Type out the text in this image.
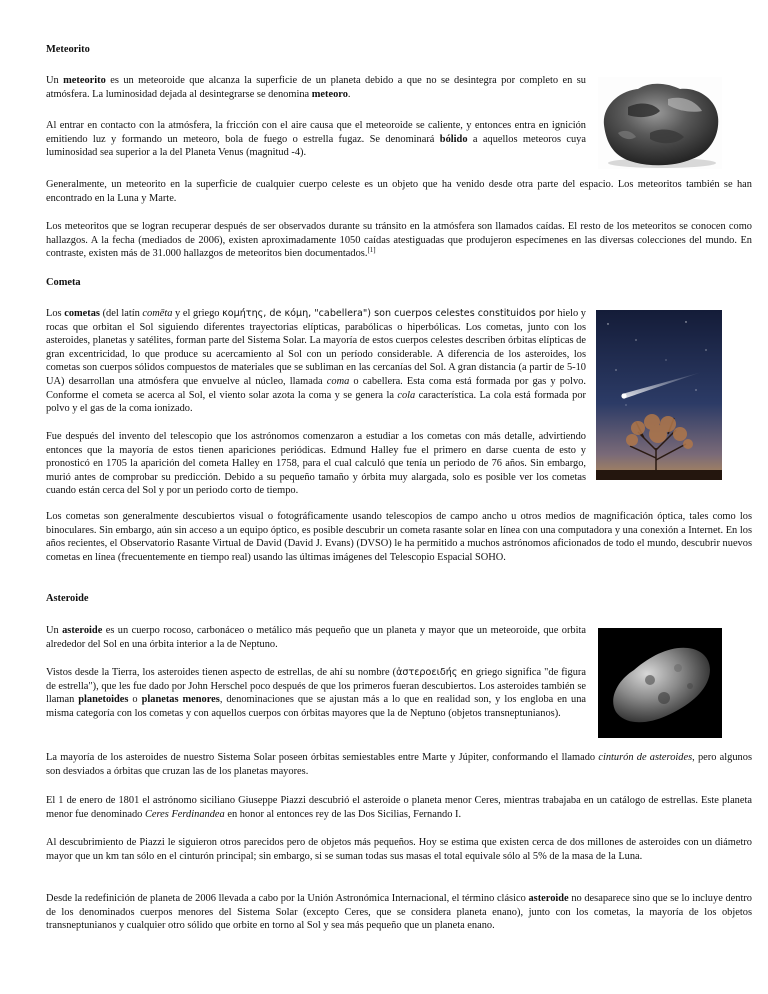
Meteorito

Un meteorito es un meteoroide que alcanza la superficie de un planeta debido a que no se desintegra por completo en su atmósfera. La luminosidad dejada al desintegrarse se denomina meteoro.

Al entrar en contacto con la atmósfera, la fricción con el aire causa que el meteoroide se caliente, y entonces entra en ignición emitiendo luz y formando un meteoro, bola de fuego o estrella fugaz. Se denominará bólido a aquellos meteoros cuya luminosidad sea superior a la del Planeta Venus (magnitud -4).

Generalmente, un meteorito en la superficie de cualquier cuerpo celeste es un objeto que ha venido desde otra parte del espacio. Los meteoritos también se han encontrado en la Luna y Marte.

Los meteoritos que se logran recuperar después de ser observados durante su tránsito en la atmósfera son llamados caídas. El resto de los meteoritos se conocen como hallazgos. A la fecha (mediados de 2006), existen aproximadamente 1050 caídas atestiguadas que produjeron especímenes en las diversas colecciones del mundo. En contraste, existen más de 31.000 hallazgos de meteoritos bien documentados.[1]

Cometa

Los cometas (del latín comēta y el griego κομήτης, de κόμη, "cabellera") son cuerpos celestes constituidos por hielo y rocas que orbitan el Sol siguiendo diferentes trayectorias elípticas, parabólicas o hiperbólicas. Los cometas, junto con los asteroides, planetas y satélites, forman parte del Sistema Solar. La mayoría de estos cuerpos celestes describen órbitas elípticas de gran excentricidad, lo que produce su acercamiento al Sol con un período considerable. A diferencia de los asteroides, los cometas son cuerpos sólidos compuestos de materiales que se subliman en las cercanías del Sol. A gran distancia (a partir de 5-10 UA) desarrollan una atmósfera que envuelve al núcleo, llamada coma o cabellera. Esta coma está formada por gas y polvo. Conforme el cometa se acerca al Sol, el viento solar azota la coma y se genera la cola característica. La cola está formada por polvo y el gas de la coma ionizado.

Fue después del invento del telescopio que los astrónomos comenzaron a estudiar a los cometas con más detalle, advirtiendo entonces que la mayoría de estos tienen apariciones periódicas. Edmund Halley fue el primero en darse cuenta de esto y pronosticó en 1705 la aparición del cometa Halley en 1758, para el cual calculó que tenía un periodo de 76 años. Sin embargo, murió antes de comprobar su predicción. Debido a su pequeño tamaño y órbita muy alargada, solo es posible ver los cometas cuando están cerca del Sol y por un periodo corto de tiempo.

Los cometas son generalmente descubiertos visual o fotográficamente usando telescopios de campo ancho u otros medios de magnificación óptica, tales como los binoculares. Sin embargo, aún sin acceso a un equipo óptico, es posible descubrir un cometa rasante solar en línea con una computadora y una conexión a Internet. En los años recientes, el Observatorio Rasante Virtual de David (David J. Evans) (DVSO) le ha permitido a muchos astrónomos aficionados de todo el mundo, descubrir nuevos cometas en línea (frecuentemente en tiempo real) usando las últimas imágenes del Telescopio Espacial SOHO.

Asteroide

Un asteroide es un cuerpo rocoso, carbonáceo o metálico más pequeño que un planeta y mayor que un meteoroide, que orbita alrededor del Sol en una órbita interior a la de Neptuno.

Vistos desde la Tierra, los asteroides tienen aspecto de estrellas, de ahí su nombre (ἀστεροειδής en griego significa "de figura de estrella"), que les fue dado por John Herschel poco después de que los primeros fueran descubiertos. Los asteroides también se llaman planetoides o planetas menores, denominaciones que se ajustan más a lo que en realidad son, y los engloba en una misma categoría con los cometas y con aquellos cuerpos con órbitas mayores que la de Neptuno (objetos transneptunianos).

La mayoría de los asteroides de nuestro Sistema Solar poseen órbitas semiestables entre Marte y Júpiter, conformando el llamado cinturón de asteroides, pero algunos son desviados a órbitas que cruzan las de los planetas mayores.

El 1 de enero de 1801 el astrónomo siciliano Giuseppe Piazzi descubrió el asteroide o planeta menor Ceres, mientras trabajaba en un catálogo de estrellas. Este planeta menor fue denominado Ceres Ferdinandea en honor al entonces rey de las Dos Sicilias, Fernando I.

Al descubrimiento de Piazzi le siguieron otros parecidos pero de objetos más pequeños. Hoy se estima que existen cerca de dos millones de asteroides con un diámetro mayor que un km tan sólo en el cinturón principal; sin embargo, si se suman todas sus masas el total equivale sólo al 5% de la masa de la Luna.

Desde la redefinición de planeta de 2006 llevada a cabo por la Unión Astronómica Internacional, el término clásico asteroide no desaparece sino que se lo incluye dentro de los denominados cuerpos menores del Sistema Solar (excepto Ceres, que se considera planeta enano), junto con los cometas, la mayoría de los objetos transneptunianos y cualquier otro sólido que orbite en torno al Sol y sea más pequeño que un planeta enano.
